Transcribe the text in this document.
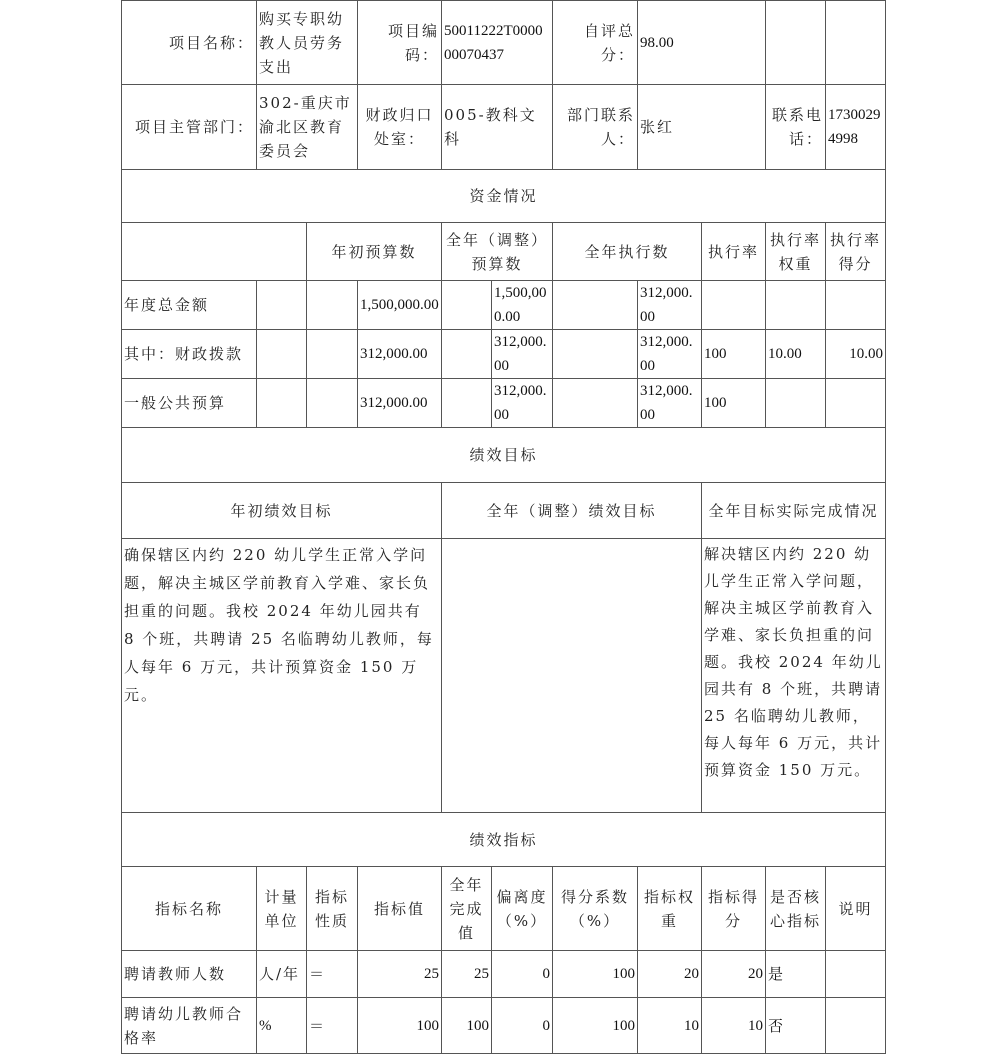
项目名称：	购买专职幼教人员劳务支出		项目编码：	50011222T000000070437		自评总分：	98.00			
项目主管部门：	302-重庆市渝北区教育委员会		财政归口处室：	005-教科文科		部门联系人：	张红		联系电话：	17300294998
资金情况										
		年初预算数		全年（调整）预算数		全年执行数		执行率	执行率权重	执行率得分
年度总金额			1,500,000.00		1,500,000.00		312,000.00			
其中：财政拨款			312,000.00		312,000.00		312,000.00	100	10.00	10.00
一般公共预算			312,000.00		312,000.00		312,000.00	100		
绩效目标										
年初绩效目标				全年（调整）绩效目标				全年目标实际完成情况		
确保辖区内约 220 幼儿学生正常入学问题，解决主城区学前教育入学难、家长负担重的问题。我校 2024 年幼儿园共有 8 个班，共聘请 25 名临聘幼儿教师，每人每年 6 万元，共计预算资金 150 万元。								解决辖区内约 220 幼儿学生正常入学问题，解决主城区学前教育入学难、家长负担重的问题。我校 2024 年幼儿园共有 8 个班，共聘请 25 名临聘幼儿教师，每人每年 6 万元，共计预算资金 150 万元。		
绩效指标										
指标名称	计量单位	指标性质	指标值	全年完成值	偏离度（%）	得分系数（%）	指标权重	指标得分	是否核心指标	说明
聘请教师人数	人/年	＝	25	25	0	100	20	20	是	
聘请幼儿教师合格率	%	＝	100	100	0	100	10	10	否	
